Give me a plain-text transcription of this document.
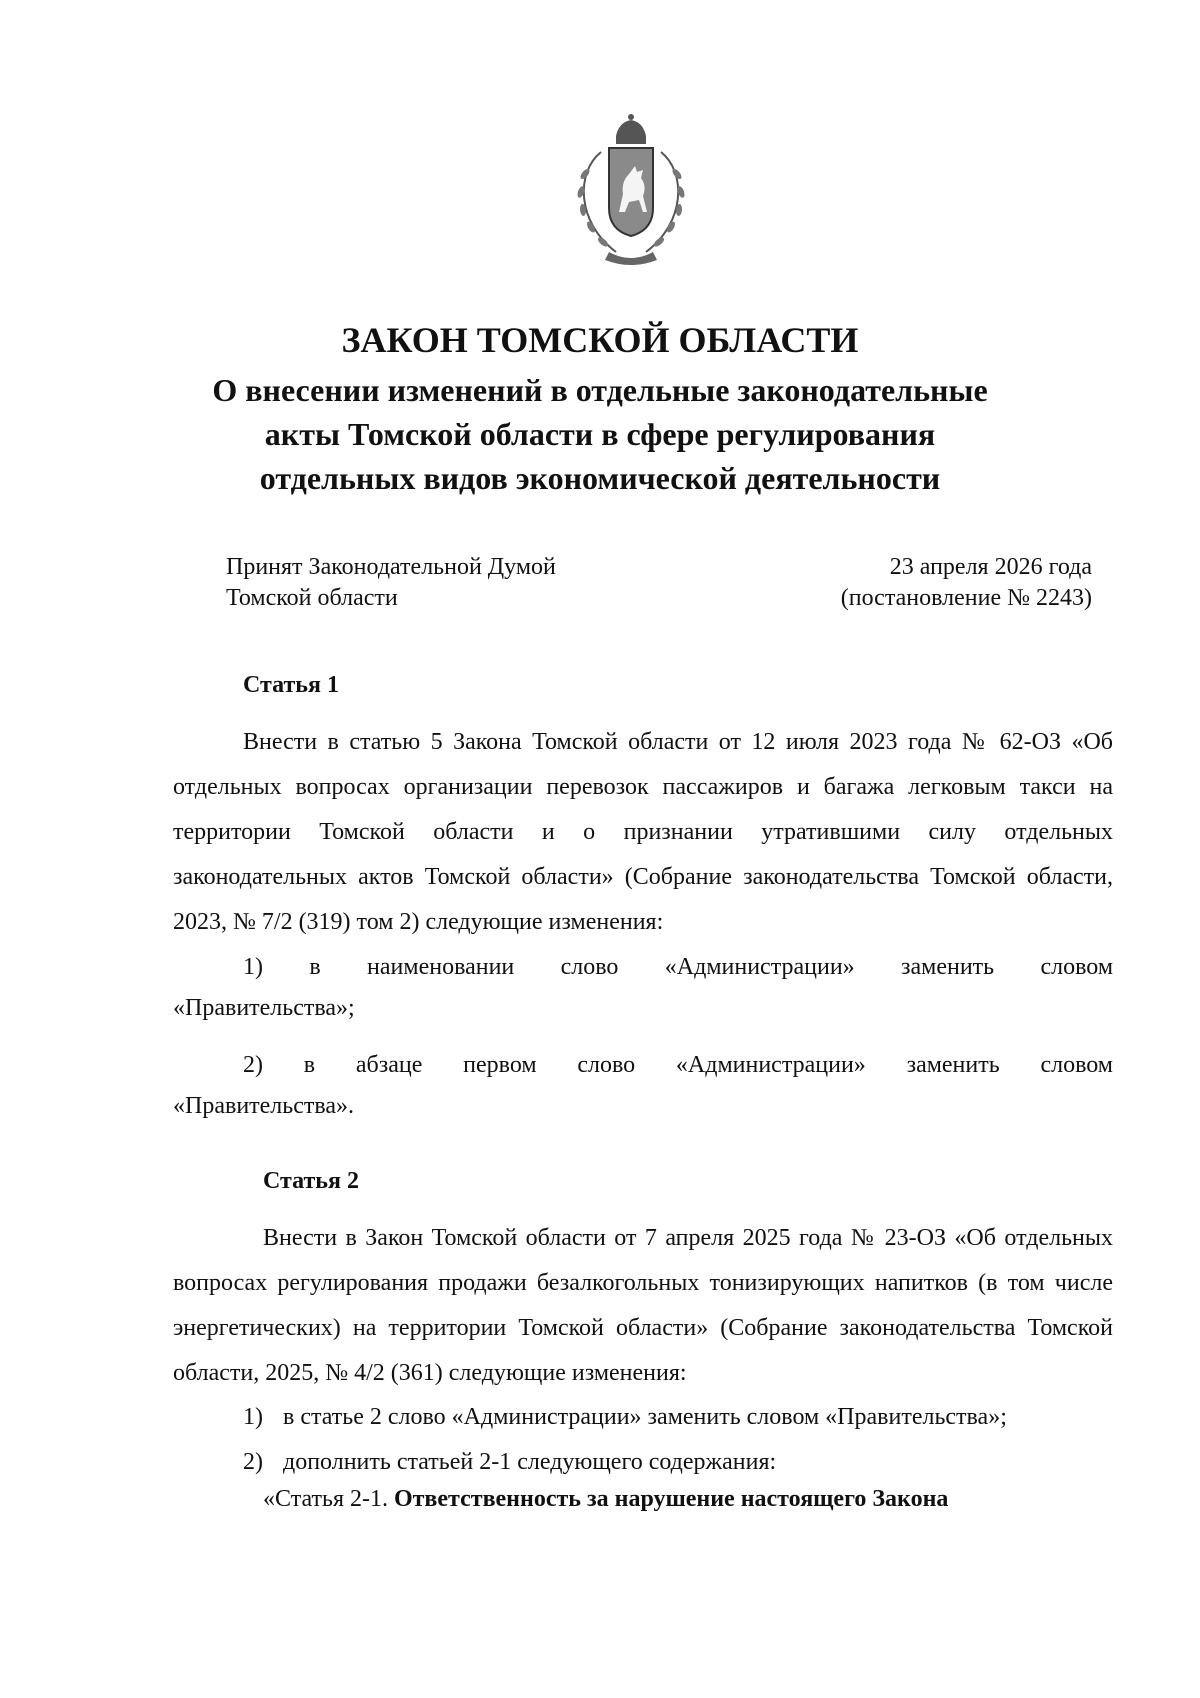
ЗАКОН ТОМСКОЙ ОБЛАСТИ

О внесении изменений в отдельные законодательные
акты Томской области в сфере регулирования
отдельных видов экономической деятельности

Принят Законодательной Думой
Томской области
23 апреля 2026 года
(постановление № 2243)

Статья 1

Внести в статью 5 Закона Томской области от 12 июля 2023 года № 62-ОЗ «Об отдельных вопросах организации перевозок пассажиров и багажа легковым такси на территории Томской области и о признании утратившими силу отдельных законодательных актов Томской области» (Собрание законодательства Томской области, 2023, № 7/2 (319) том 2) следующие изменения:

1) в наименовании слово «Администрации» заменить словом

«Правительства»;

2) в абзаце первом слово «Администрации» заменить словом

«Правительства».

Статья 2

Внести в Закон Томской области от 7 апреля 2025 года № 23-ОЗ «Об отдельных вопросах регулирования продажи безалкогольных тонизирующих напитков (в том числе энергетических) на территории Томской области» (Собрание законодательства Томской области, 2025, № 4/2 (361) следующие изменения:

1) в статье 2 слово «Администрации» заменить словом «Правительства»;

2) дополнить статьей 2-1 следующего содержания:

«Статья 2-1. Ответственность за нарушение настоящего Закона
